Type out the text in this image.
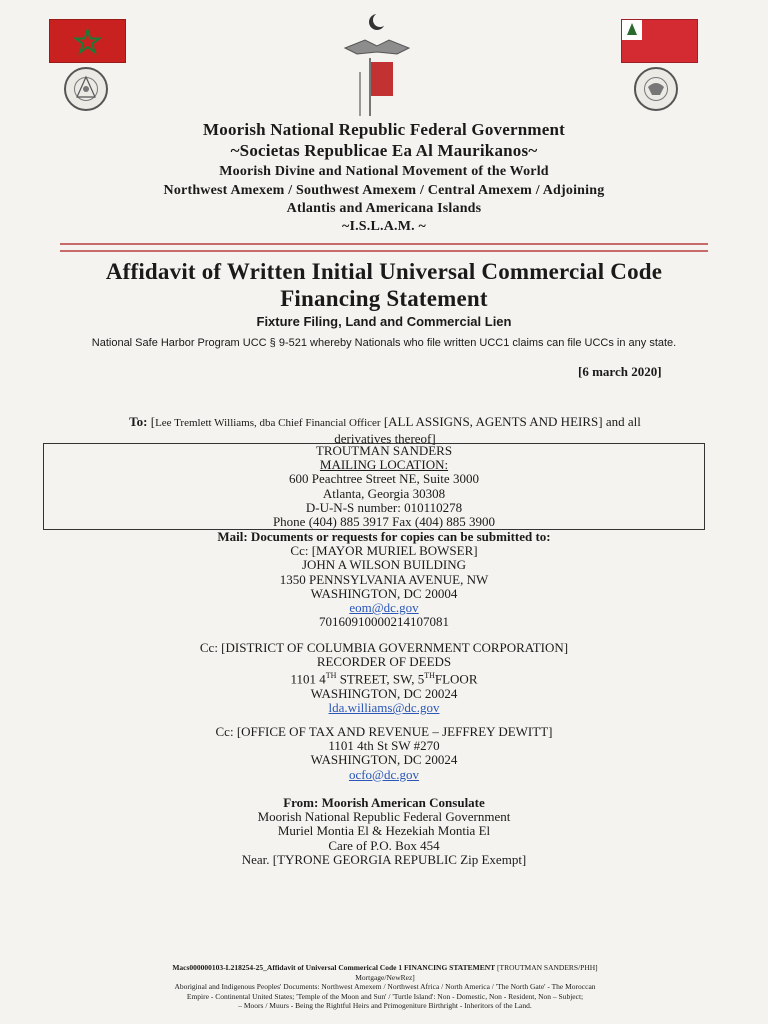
Moorish National Republic Federal Government
~Societas Republicae Ea Al Maurikanos~
Moorish Divine and National Movement of the World
Northwest Amexem / Southwest Amexem / Central Amexem / Adjoining
Atlantis and Americana Islands
~I.S.L.A.M. ~
Affidavit of Written Initial Universal Commercial Code
Financing Statement
Fixture Filing, Land and Commercial Lien
National Safe Harbor Program UCC § 9-521 whereby Nationals who file written UCC1 claims can file UCCs in any state.
[6 march 2020]
To: [Lee Tremlett Williams, dba Chief Financial Officer [ALL ASSIGNS, AGENTS AND HEIRS] and all
derivatives thereof]
TROUTMAN SANDERS
MAILING LOCATION:
600 Peachtree Street NE, Suite 3000
Atlanta, Georgia 30308
D-U-N-S number: 010110278
Phone (404) 885 3917 Fax (404) 885 3900
Mail: Documents or requests for copies can be submitted to:
Cc: [MAYOR MURIEL BOWSER]
JOHN A WILSON BUILDING
1350 PENNSYLVANIA AVENUE, NW
WASHINGTON, DC 20004
eom@dc.gov
70160910000214107081
Cc: [DISTRICT OF COLUMBIA GOVERNMENT CORPORATION]
RECORDER OF DEEDS
1101 4TH STREET, SW, 5THFLOOR
WASHINGTON, DC 20024
lda.williams@dc.gov
Cc: [OFFICE OF TAX AND REVENUE – JEFFREY DEWITT]
1101 4th St SW #270
WASHINGTON, DC 20024
ocfo@dc.gov
From: Moorish American Consulate
Moorish National Republic Federal Government
Muriel Montia El & Hezekiah Montia El
Care of P.O. Box 454
Near. [TYRONE GEORGIA REPUBLIC Zip Exempt]
Macs000000103-L218254-25_Affidavit of Universal Commerical Code 1 FINANCING STATEMENT [TROUTMAN SANDERS/PHH]
Mortgage/NewRez]
Aboriginal and Indigenous Peoples' Documents: Northwest Amexem / Northwest Africa / North America / 'The North Gate' - The Moroccan
Empire - Continental United States; 'Temple of the Moon and Sun' / 'Turtle Island': Non - Domestic, Non - Resident, Non – Subject;
– Moors / Muurs - Being the Rightful Heirs and Primogeniture Birthright - Inheritors of the Land.
